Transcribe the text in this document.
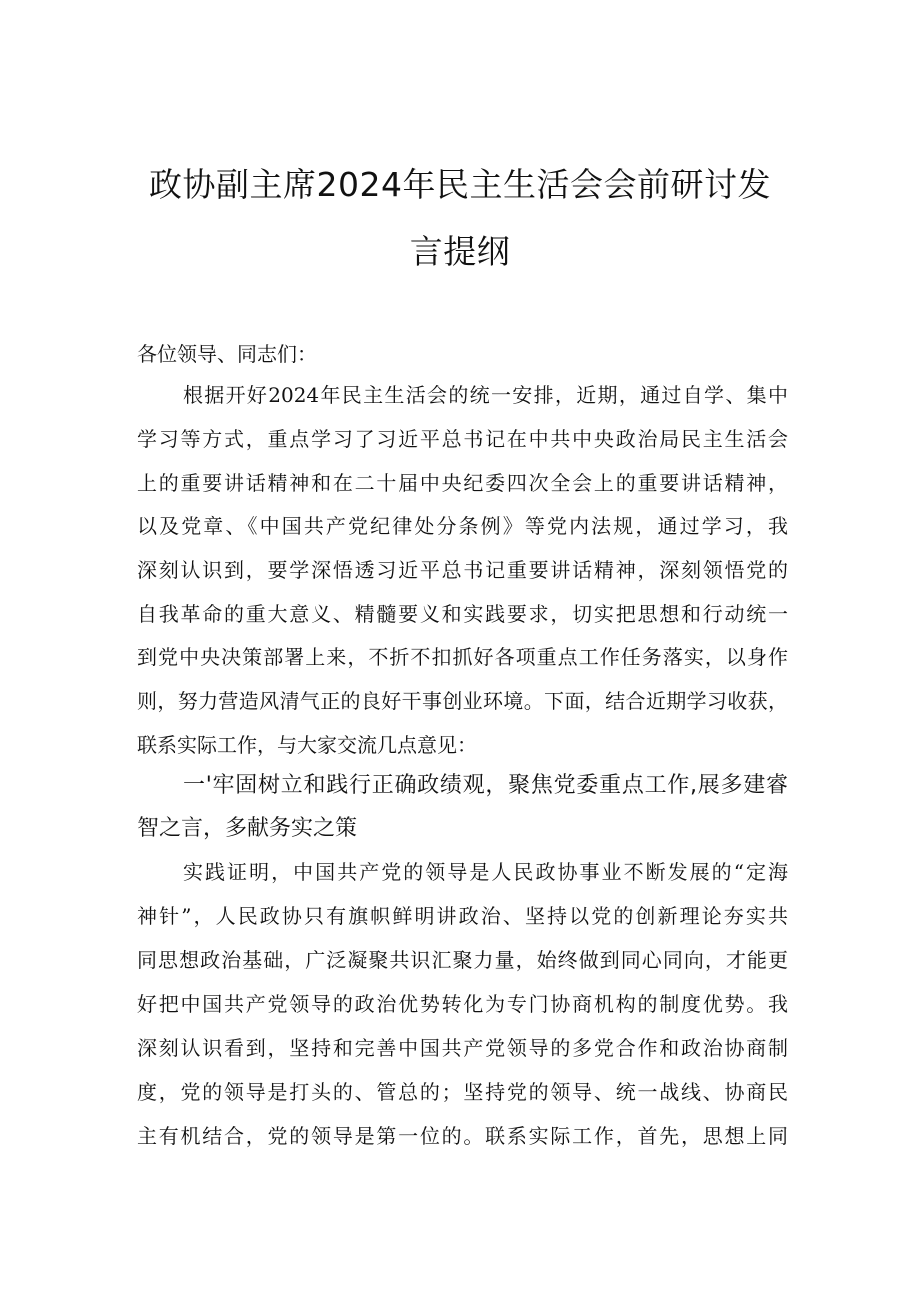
政协副主席2024年民主生活会会前研讨发
言提纲
各位领导、同志们：
根据开好2024年民主生活会的统一安排，近期，通过自学、集中
学习等方式，重点学习了习近平总书记在中共中央政治局民主生活会
上的重要讲话精神和在二十届中央纪委四次全会上的重要讲话精神，
以及党章、《中国共产党纪律处分条例》等党内法规，通过学习，我
深刻认识到，要学深悟透习近平总书记重要讲话精神，深刻领悟党的
自我革命的重大意义、精髓要义和实践要求，切实把思想和行动统一
到党中央决策部署上来，不折不扣抓好各项重点工作任务落实，以身作
则，努力营造风清气正的良好干事创业环境。下面，结合近期学习收获，
联系实际工作，与大家交流几点意见：
一'牢固树立和践行正确政绩观，聚焦党委重点工作,展多建睿
智之言，多献务实之策
实践证明，中国共产党的领导是人民政协事业不断发展的“定海
神针”，人民政协只有旗帜鲜明讲政治、坚持以党的创新理论夯实共
同思想政治基础，广泛凝聚共识汇聚力量，始终做到同心同向，才能更
好把中国共产党领导的政治优势转化为专门协商机构的制度优势。我
深刻认识看到，坚持和完善中国共产党领导的多党合作和政治协商制
度，党的领导是打头的、管总的；坚持党的领导、统一战线、协商民
主有机结合，党的领导是第一位的。联系实际工作，首先，思想上同
